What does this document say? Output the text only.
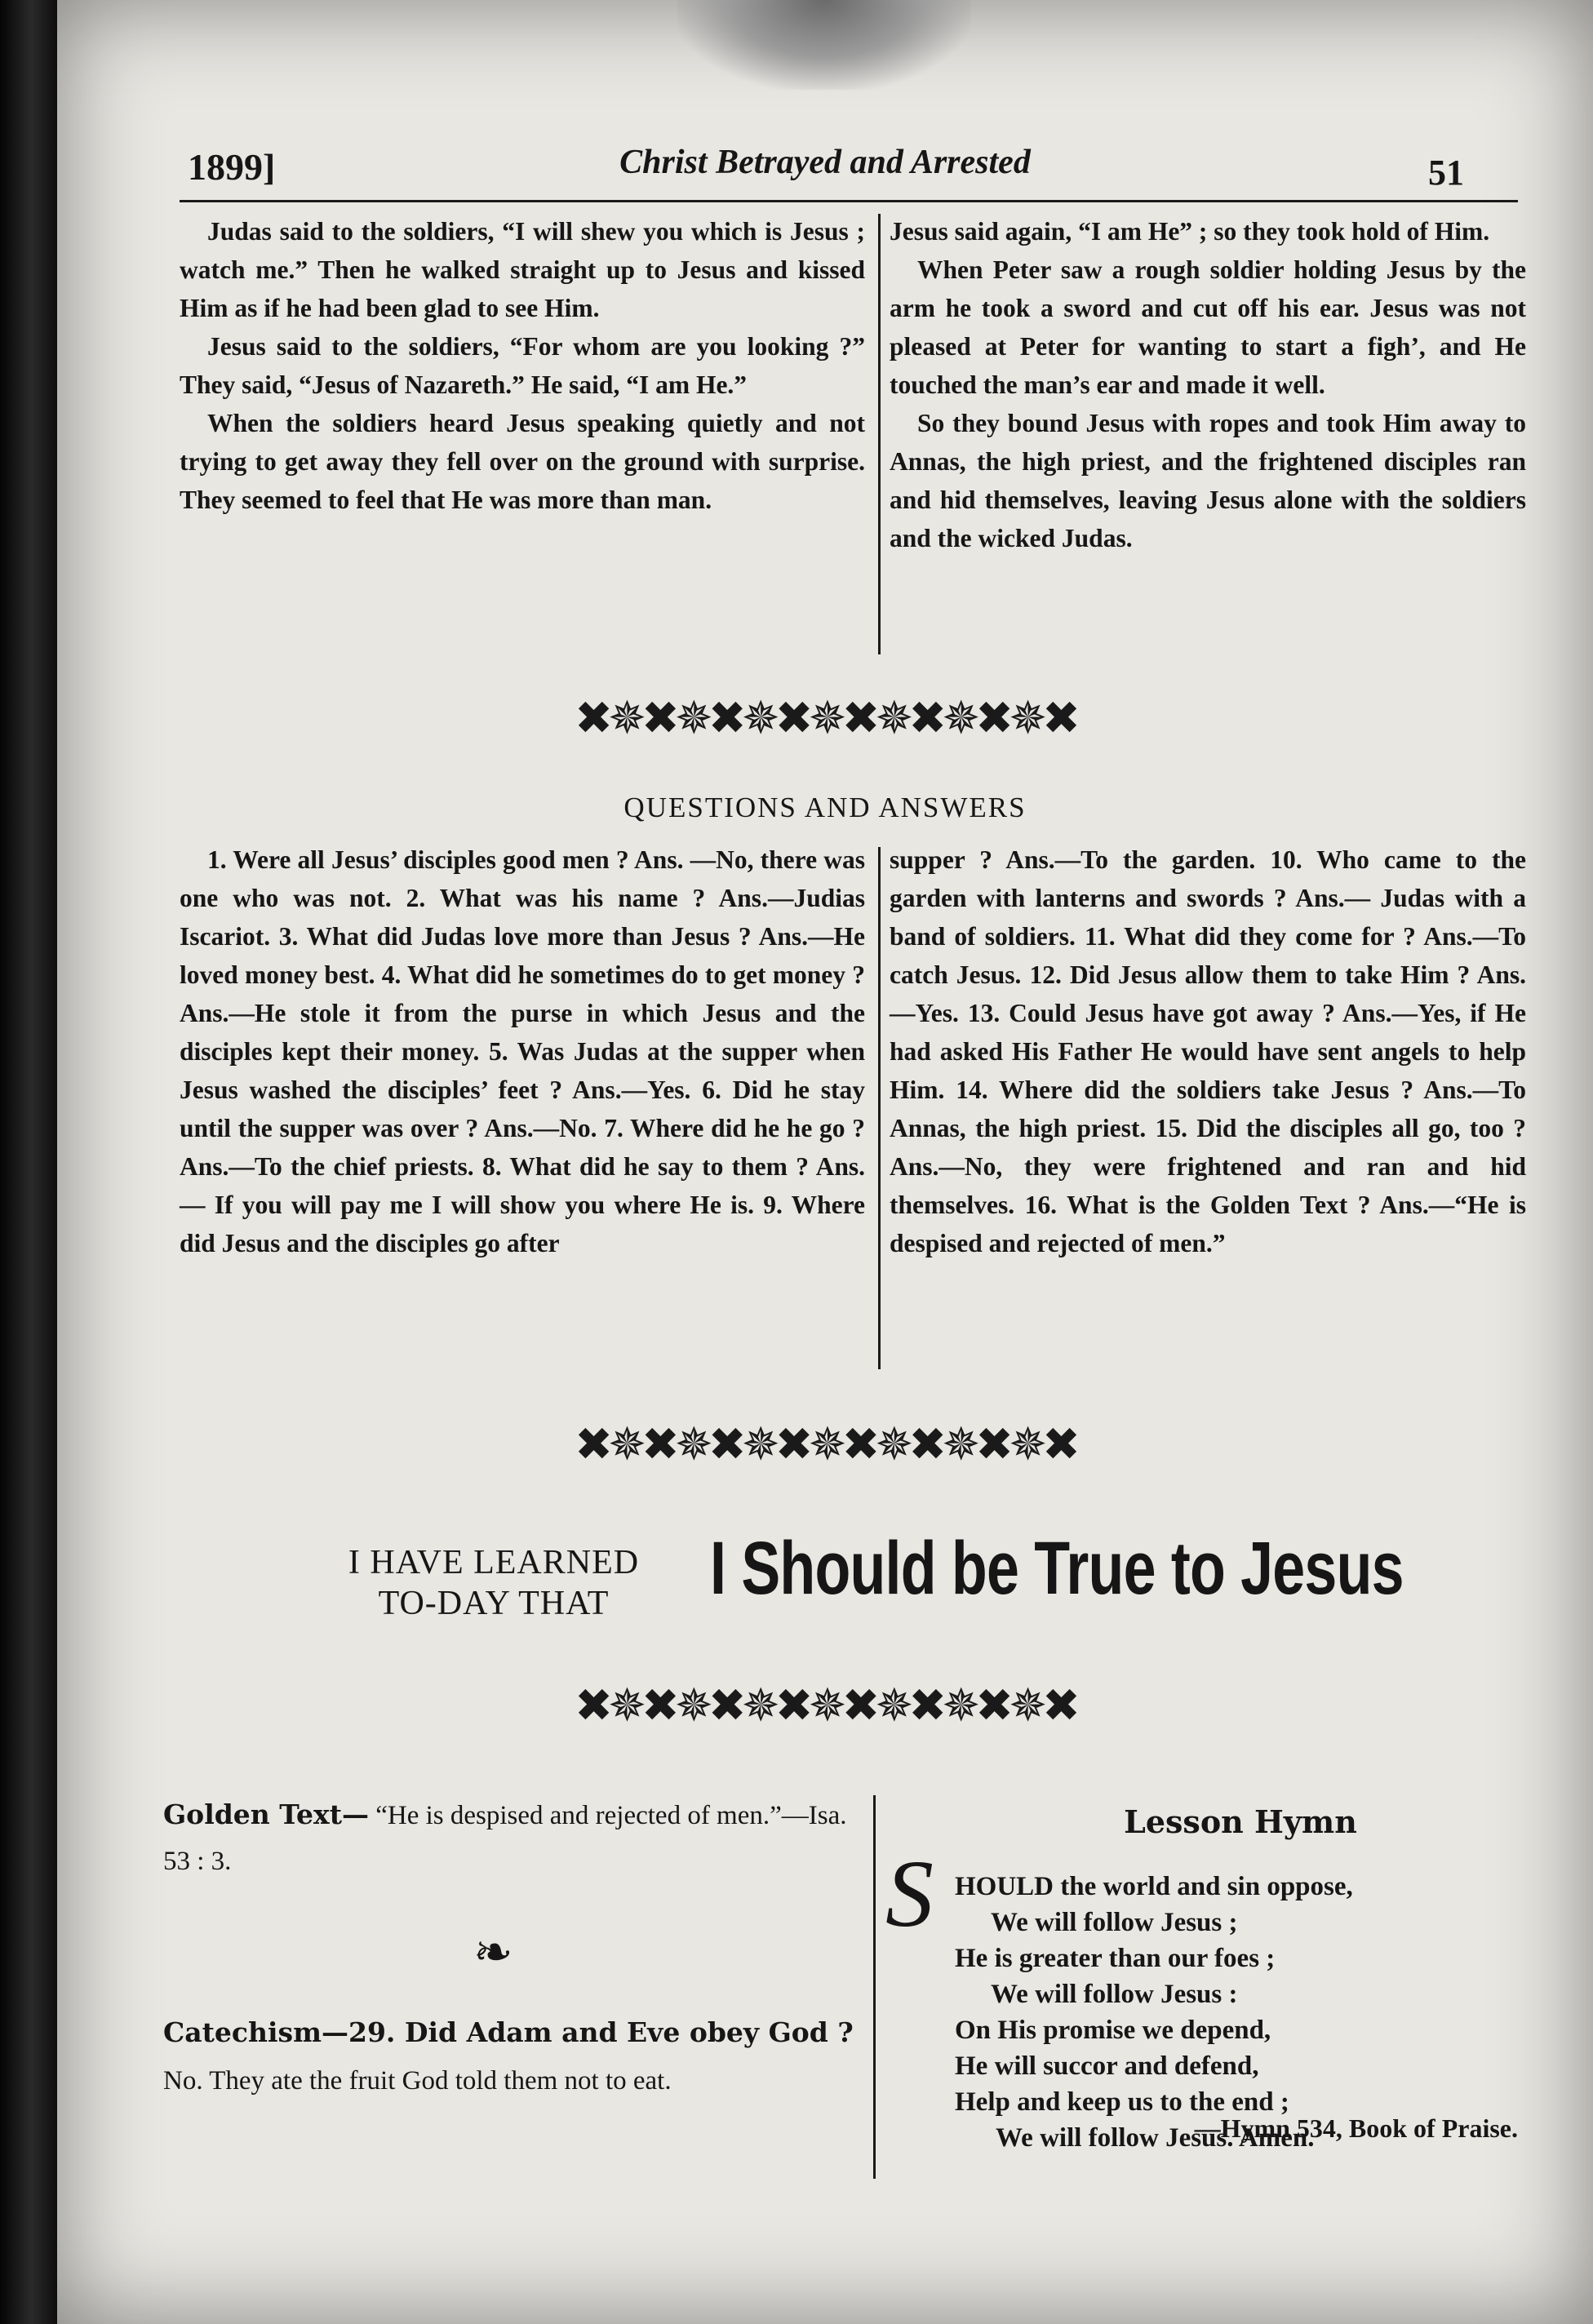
1899]	Christ Betrayed and Arrested	51

Judas said to the soldiers, “I will shew you which is Jesus ; watch me.” Then he walked straight up to Jesus and kissed Him as if he had been glad to see Him.

Jesus said to the soldiers, “For whom are you looking ?” They said, “Jesus of Nazareth.” He said, “I am He.”

When the soldiers heard Jesus speaking quietly and not trying to get away they fell over on the ground with surprise. They seemed to feel that He was more than man.

Jesus said again, “I am He” ; so they took hold of Him.

When Peter saw a rough soldier holding Jesus by the arm he took a sword and cut off his ear. Jesus was not pleased at Peter for wanting to start a fighʼ, and He touched the man’s ear and made it well.

So they bound Jesus with ropes and took Him away to Annas, the high priest, and the frightened disciples ran and hid themselves, leaving Jesus alone with the soldiers and the wicked Judas.

✖✵✖✵✖✵✖✵✖✵✖✵✖✵✖
QUESTIONS AND ANSWERS

1. Were all Jesus’ disciples good men ? Ans. —No, there was one who was not. 2. What was his name ? Ans.—Judias Iscariot. 3. What did Judas love more than Jesus ? Ans.—He loved money best. 4. What did he sometimes do to get money ? Ans.—He stole it from the purse in which Jesus and the disciples kept their money. 5. Was Judas at the supper when Jesus washed the disciples’ feet ? Ans.—Yes. 6. Did he stay until the supper was over ? Ans.—No. 7. Where did he he go ? Ans.—To the chief priests. 8. What did he say to them ? Ans.— If you will pay me I will show you where He is. 9. Where did Jesus and the disciples go after

supper ? Ans.—To the garden. 10. Who came to the garden with lanterns and swords ? Ans.— Judas with a band of soldiers. 11. What did they come for ? Ans.—To catch Jesus. 12. Did Jesus allow them to take Him ? Ans.—Yes. 13. Could Jesus have got away ? Ans.—Yes, if He had asked His Father He would have sent angels to help Him. 14. Where did the soldiers take Jesus ? Ans.—To Annas, the high priest. 15. Did the disciples all go, too ? Ans.—No, they were frightened and ran and hid themselves. 16. What is the Golden Text ? Ans.—“He is despised and rejected of men.”

✖✵✖✵✖✵✖✵✖✵✖✵✖✵✖
I HAVE LEARNED
TO-DAY THAT	I Should be True to Jesus
✖✵✖✵✖✵✖✵✖✵✖✵✖✵✖
Golden Text— “He is despised and rejected of men.”—Isa. 53 : 3.
❧
Catechism—29. Did Adam and Eve obey God ? No. They ate the fruit God told them not to eat.
Lesson Hymn
S HOULD the world and sin oppose,
We will follow Jesus ;
He is greater than our foes ;
We will follow Jesus :
On His promise we depend,
He will succor and defend,
Help and keep us to the end ;
We will follow Jesus. Amen.
—Hymn 534, Book of Praise.
